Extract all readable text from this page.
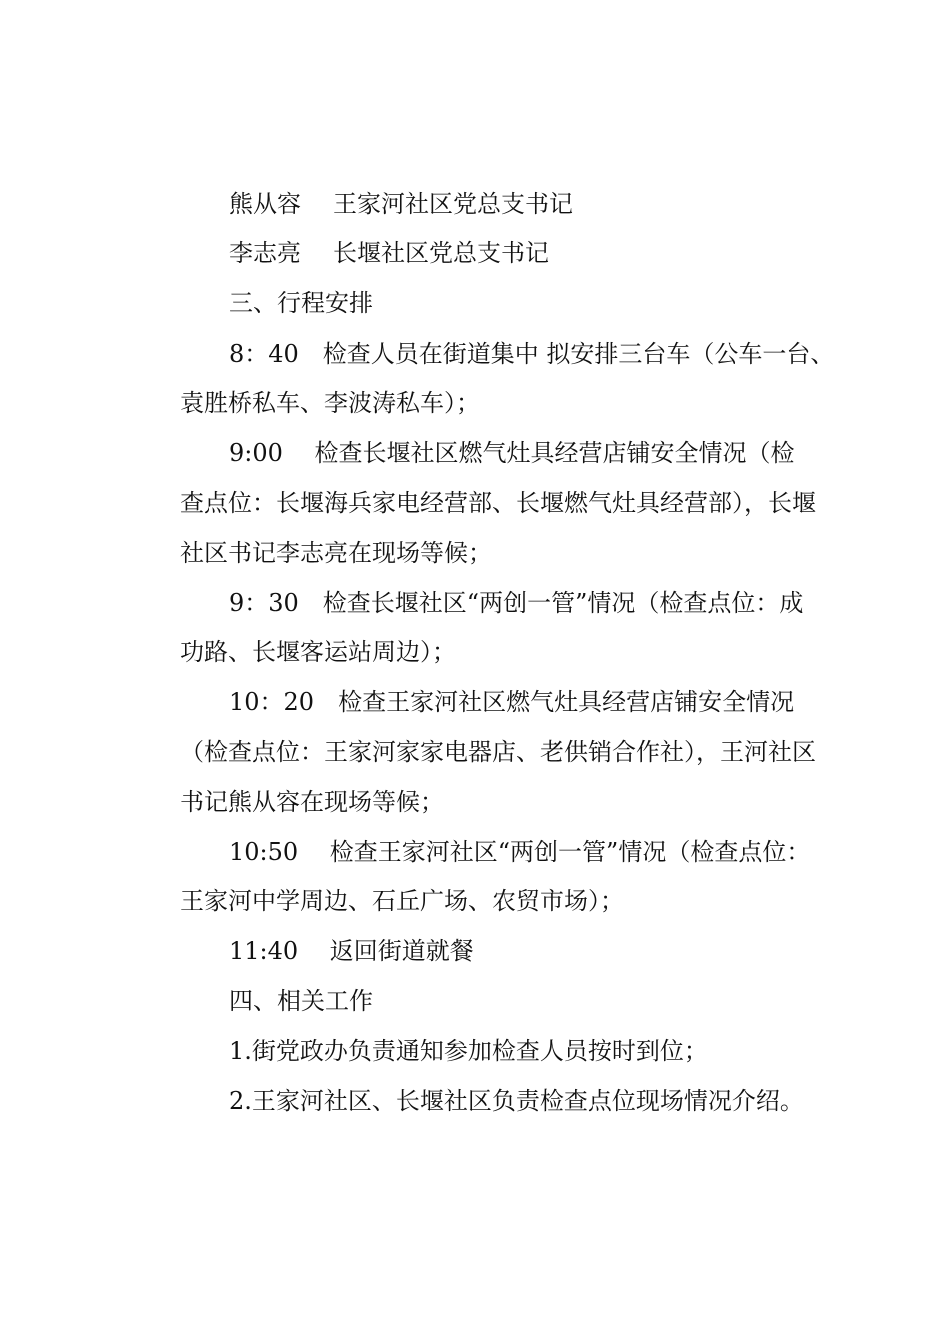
熊从容 王家河社区党总支书记
李志亮 长堰社区党总支书记
三、行程安排
8：40　检查人员在街道集中 拟安排三台车（公车一台、
袁胜桥私车、李波涛私车）；
9:00　 检查长堰社区燃气灶具经营店铺安全情况（检
查点位：长堰海兵家电经营部、长堰燃气灶具经营部），长堰
社区书记李志亮在现场等候；
9：30　检查长堰社区“两创一管”情况（检查点位：成
功路、长堰客运站周边）；
10：20　检查王家河社区燃气灶具经营店铺安全情况
（检查点位：王家河家家电器店、老供销合作社），王河社区
书记熊从容在现场等候；
10:50　 检查王家河社区“两创一管”情况（检查点位：
王家河中学周边、石丘广场、农贸市场）；
11:40　 返回街道就餐
四、相关工作
1.街党政办负责通知参加检查人员按时到位；
2.王家河社区、长堰社区负责检查点位现场情况介绍。
